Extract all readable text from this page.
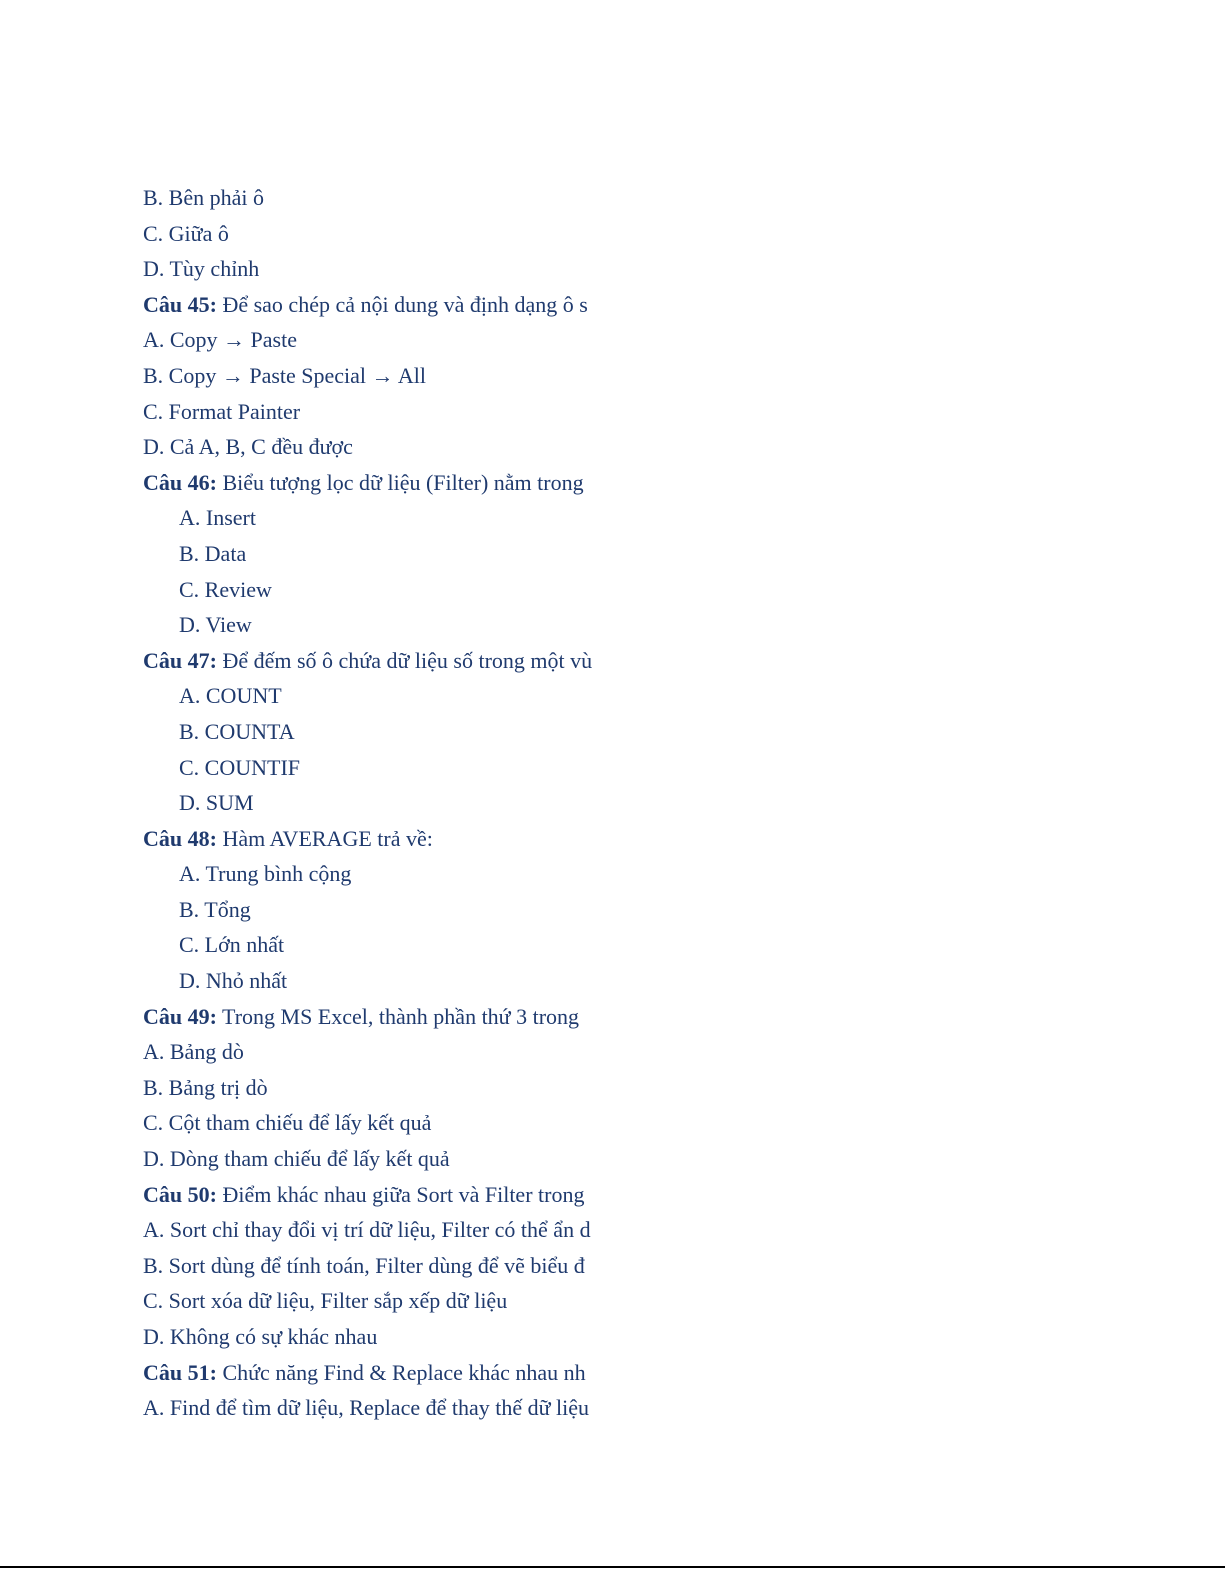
B. Bên phải ô
C. Giữa ô
D. Tùy chỉnh
Câu 45: Để sao chép cả nội dung và định dạng ô s
A. Copy → Paste
B. Copy → Paste Special → All
C. Format Painter
D. Cả A, B, C đều được
Câu 46: Biểu tượng lọc dữ liệu (Filter) nằm trong
A. Insert
B. Data
C. Review
D. View
Câu 47: Để đếm số ô chứa dữ liệu số trong một vù
A. COUNT
B. COUNTA
C. COUNTIF
D. SUM
Câu 48: Hàm AVERAGE trả về:
A. Trung bình cộng
B. Tổng
C. Lớn nhất
D. Nhỏ nhất
Câu 49: Trong MS Excel, thành phần thứ 3 trong
A. Bảng dò
B. Bảng trị dò
C. Cột tham chiếu để lấy kết quả
D. Dòng tham chiếu để lấy kết quả
Câu 50: Điểm khác nhau giữa Sort và Filter trong
A. Sort chỉ thay đổi vị trí dữ liệu, Filter có thể ẩn d
B. Sort dùng để tính toán, Filter dùng để vẽ biểu đ
C. Sort xóa dữ liệu, Filter sắp xếp dữ liệu
D. Không có sự khác nhau
Câu 51: Chức năng Find & Replace khác nhau nh
A. Find để tìm dữ liệu, Replace để thay thế dữ liệu
